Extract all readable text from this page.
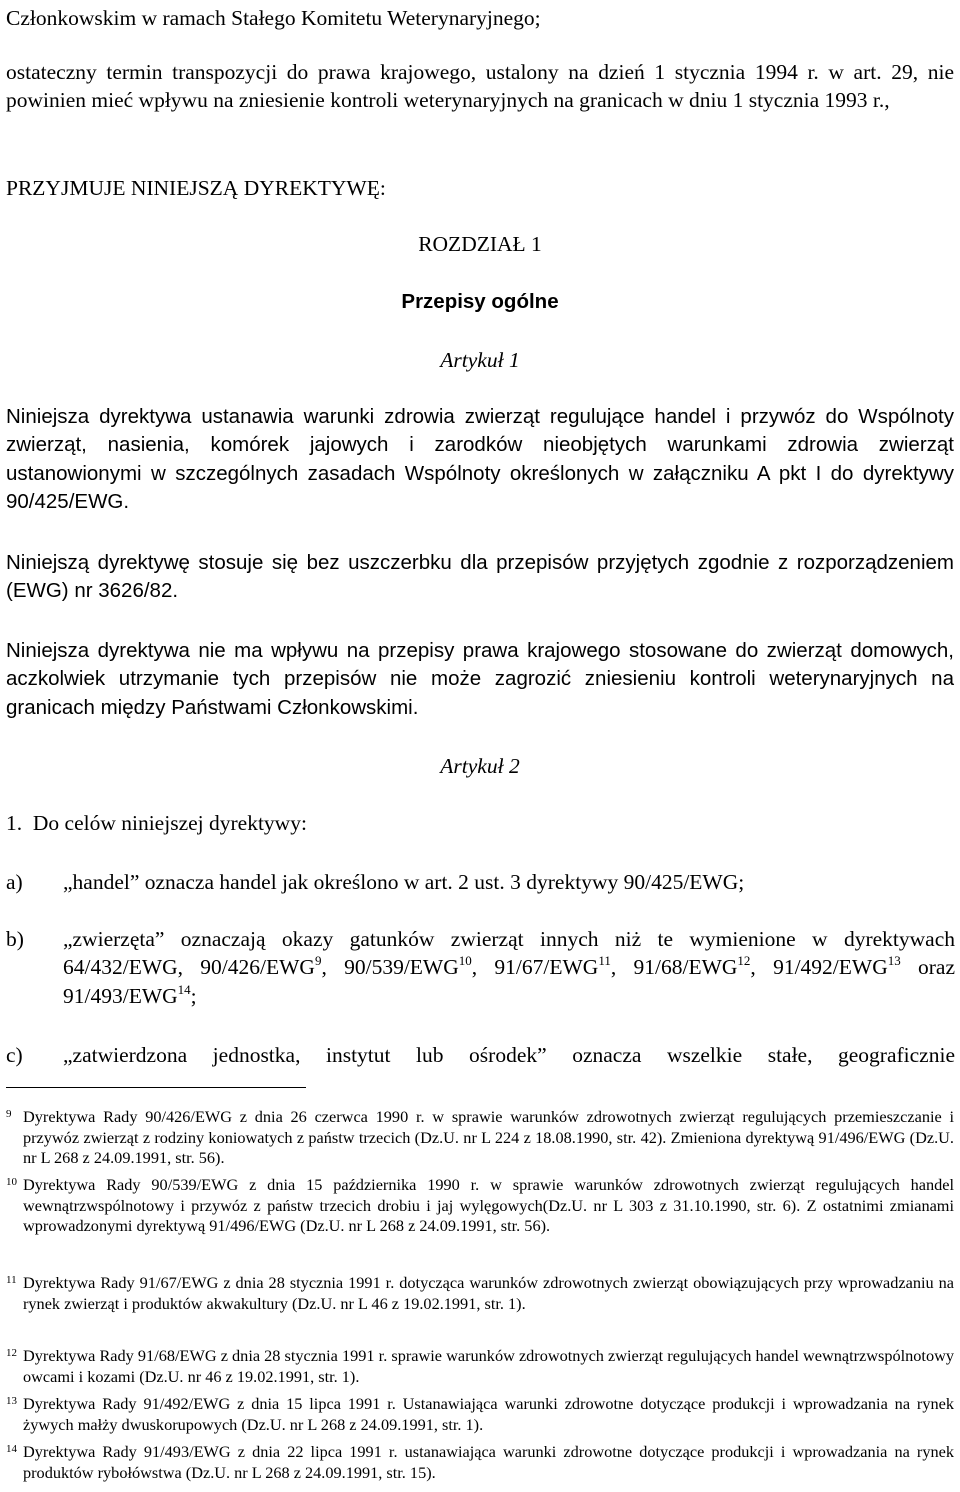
Członkowskim w ramach Stałego Komitetu Weterynaryjnego;
ostateczny termin transpozycji do prawa krajowego, ustalony na dzień 1 stycznia 1994 r. w art. 29, nie powinien mieć wpływu na zniesienie kontroli weterynaryjnych na granicach w dniu 1 stycznia 1993 r.,
PRZYJMUJE NINIEJSZĄ DYREKTYWĘ:
ROZDZIAŁ 1
Przepisy ogólne
Artykuł 1
Niniejsza dyrektywa ustanawia warunki zdrowia zwierząt regulujące handel i przywóz do Wspólnoty zwierząt, nasienia, komórek jajowych i zarodków nieobjętych warunkami zdrowia zwierząt ustanowionymi w szczególnych zasadach Wspólnoty określonych w załączniku A pkt I do dyrektywy 90/425/EWG.
Niniejszą dyrektywę stosuje się bez uszczerbku dla przepisów przyjętych zgodnie z rozporządzeniem (EWG) nr 3626/82.
Niniejsza dyrektywa nie ma wpływu na przepisy prawa krajowego stosowane do zwierząt domowych, aczkolwiek utrzymanie tych przepisów nie może zagrozić zniesieniu kontroli weterynaryjnych na granicach między Państwami Członkowskimi.
Artykuł 2
1.  Do celów niniejszej dyrektywy:
a) „handel” oznacza handel jak określono w art. 2 ust. 3 dyrektywy 90/425/EWG;
b) „zwierzęta” oznaczają okazy gatunków zwierząt innych niż te wymienione w dyrektywach 64/432/EWG, 90/426/EWG$^9$, 90/539/EWG$^{10}$, 91/67/EWG$^{11}$, 91/68/EWG$^{12}$, 91/492/EWG$^{13}$ oraz 91/493/EWG$^{14}$;
c) „zatwierdzona jednostka, instytut lub ośrodek” oznacza wszelkie stałe, geograficznie
9 Dyrektywa Rady 90/426/EWG z dnia 26 czerwca 1990 r. w sprawie warunków zdrowotnych zwierząt regulujących przemieszczanie i przywóz zwierząt z rodziny koniowatych z państw trzecich (Dz.U. nr L 224 z 18.08.1990, str. 42). Zmieniona dyrektywą 91/496/EWG (Dz.U. nr L 268 z 24.09.1991, str. 56).
10 Dyrektywa Rady 90/539/EWG z dnia 15 października 1990 r. w sprawie warunków zdrowotnych zwierząt regulujących handel wewnątrzwspólnotowy i przywóz z państw trzecich drobiu i jaj wylęgowych(Dz.U. nr L 303 z 31.10.1990, str. 6). Z ostatnimi zmianami wprowadzonymi dyrektywą 91/496/EWG (Dz.U. nr L 268 z 24.09.1991, str. 56).
11 Dyrektywa Rady 91/67/EWG z dnia 28 stycznia 1991 r. dotycząca warunków zdrowotnych zwierząt obowiązujących przy wprowadzaniu na rynek zwierząt i produktów akwakultury (Dz.U. nr L 46 z 19.02.1991, str. 1).
12 Dyrektywa Rady 91/68/EWG z dnia 28 stycznia 1991 r. sprawie warunków zdrowotnych zwierząt regulujących handel wewnątrzwspólnotowy owcami i kozami (Dz.U. nr 46 z 19.02.1991, str. 1).
13 Dyrektywa Rady 91/492/EWG z dnia 15 lipca 1991 r. Ustanawiająca warunki zdrowotne dotyczące produkcji i wprowadzania na rynek żywych małży dwuskorupowych (Dz.U. nr L 268 z 24.09.1991, str. 1).
14 Dyrektywa Rady 91/493/EWG z dnia 22 lipca 1991 r. ustanawiająca warunki zdrowotne dotyczące produkcji i wprowadzania na rynek produktów rybołówstwa (Dz.U. nr L 268 z 24.09.1991, str. 15).
